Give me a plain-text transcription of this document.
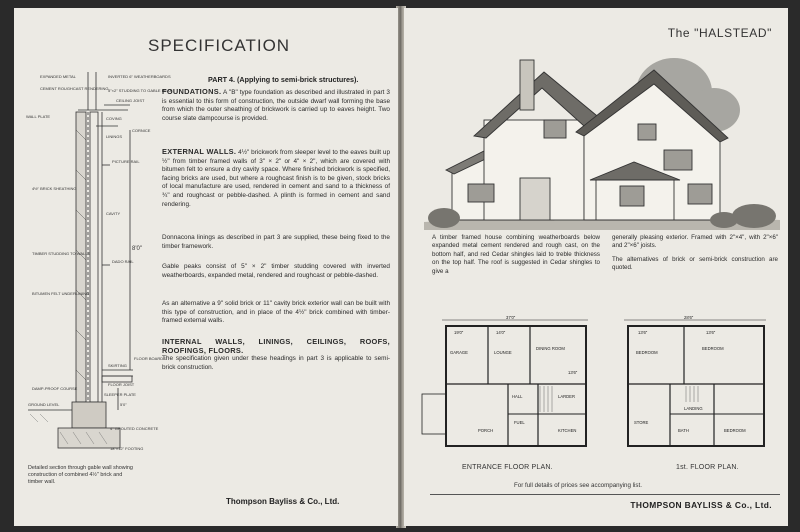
SPECIFICATION
EXPANDED METAL
CEMENT ROUGHCAST RENDERING
INVERTED 6" WEATHERBOARDS
5"×2" STUDDING TO GABLE PEAK
CEILING JOIST
WALL PLATE	COVING
LININGS
CORNICE
PICTURE RAIL
4½" BRICK SHEATHING
CAVITY
8'0"
TIMBER STUDDING TO WALLS
DADO RAIL
BITUMEN FELT UNDERLINING
FLOOR BOARDS
SKIRTING
FLOOR JOIST
SLEEPER PLATE
DAMP-PROOF COURSE
GROUND LEVEL	5'0"
4" GROUTED CONCRETE
18"×12" FOOTING
PART 4. (Applying to semi-brick structures).
FOUNDATIONS. A "B" type foundation as described and illustrated in part 3 is essential to this form of construction, the outside dwarf wall forming the base from which the outer sheathing of brickwork is carried up to eaves height. Two course slate dampcourse is provided.
EXTERNAL WALLS. 4½" brickwork from sleeper level to the eaves built up ½" from timber framed walls of 3" × 2" or 4" × 2", which are covered with bitumen felt to ensure a dry cavity space. Where finished brickwork is specified, facing bricks are used, but where a roughcast finish is to be given, stock bricks of local manufacture are used, rendered in cement and sand to a thickness of ¾" and roughcast or pebble-dashed. A plinth is formed in cement and sand rendering.
Donnacona linings as described in part 3 are supplied, these being fixed to the timber framework.
Gable peaks consist of 5" × 2" timber studding covered with inverted weatherboards, expanded metal, rendered and roughcast or pebble-dashed.
As an alternative a 9" solid brick or 11" cavity brick exterior wall can be built with this type of construction, and in place of the 4½" brick combined with timber-framed external walls.
INTERNAL WALLS, LININGS, CEILINGS, ROOFS, ROOFINGS, FLOORS.
The specification given under these headings in part 3 is applicable to semi-brick construction.
Detailed section through gable wall showing construction of combined 4½" brick and timber wall.
Thompson Bayliss & Co., Ltd.
The "HALSTEAD"
A timber framed house combining weatherboards below expanded metal cement rendered and rough cast, on the bottom half, and red Cedar shingles laid to treble thickness on the top half. The roof is suggested in Cedar shingles to give a
generally pleasing exterior. Framed with 2"×4", with 2"×6" and 2"×6" joists.
The alternatives of brick or semi-brick construction are quoted.
GARAGE	LOUNGE
DINING ROOM
HALL	LARDER
PORCH	KITCHEN
FUEL
37'0"
19'0"	14'0"
13'6"
ENTRANCE FLOOR PLAN.
BEDROOM
BEDROOM
STORE
LANDING
BEDROOM
BATH
28'6"
13'6"	13'6"
1st. FLOOR PLAN.
For full details of prices see accompanying list.
THOMPSON BAYLISS & Co., Ltd.
